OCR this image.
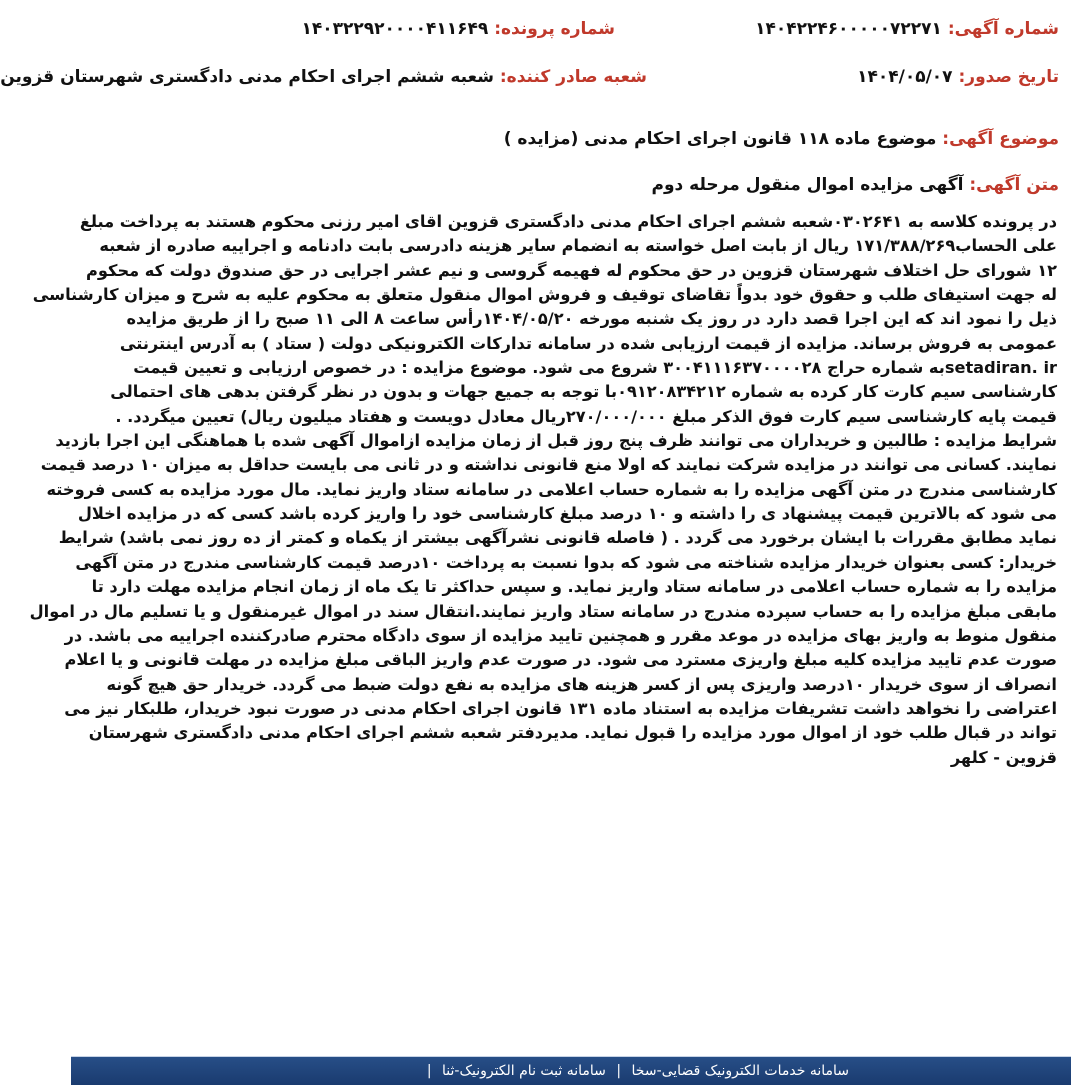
شماره آگهی: ۱۴۰۴۲۲۴۶۰۰۰۰۰۷۲۲۷۱
شماره پرونده: ۱۴۰۳۲۲۹۲۰۰۰۰۴۱۱۶۴۹
تاریخ صدور: ۱۴۰۴/۰۵/۰۷
شعبه صادر کننده: شعبه ششم اجرای احکام مدنی دادگستری شهرستان قزوین
موضوع آگهی: موضوع ماده ۱۱۸ قانون اجرای احکام مدنی (مزایده )
متن آگهی: آگهی مزایده اموال منقول مرحله دوم
در پرونده کلاسه به ۰۳۰۲۶۴۱شعبه ششم اجرای احکام مدنی دادگستری قزوین اقای امیر رزنی محکوم هستند به پرداخت مبلغ
علی الحساب۱۷۱/۳۸۸/۲۶۹ ریال از بابت اصل خواسته به انضمام سایر هزینه دادرسی بابت دادنامه و اجراییه صادره از شعبه
۱۲ شورای حل اختلاف شهرستان قزوین در حق محکوم له فهیمه گروسی و نیم عشر اجرایی در حق صندوق دولت که محکوم
له جهت استیفای طلب و حقوق خود بدواً تقاضای توقیف و فروش اموال منقول متعلق به محکوم علیه به شرح و میزان کارشناسی
ذیل را نمود اند که این اجرا قصد دارد در روز یک شنبه مورخه ۱۴۰۴/۰۵/۲۰رأس ساعت ۸ الی ۱۱ صبح را از طریق مزایده
عمومی به فروش برساند. مزایده از قیمت ارزیابی شده در سامانه تدارکات الکترونیکی دولت ( ستاد ) به آدرس اینترنتی
setadiran. irبه شماره حراج ۳۰۰۴۱۱۱۶۳۷۰۰۰۰۲۸ شروع می شود. موضوع مزایده : در خصوص ارزیابی و تعیین قیمت
کارشناسی سیم کارت کار کرده به شماره ۰۹۱۲۰۸۳۴۲۱۲با توجه به جمیع جهات و بدون در نظر گرفتن بدهی های احتمالی
قیمت پایه کارشناسی سیم کارت فوق الذکر مبلغ ۲۷۰/۰۰۰/۰۰۰ریال معادل دویست و هفتاد میلیون ریال) تعیین میگردد. .
شرایط مزایده : طالبین و خریداران می توانند ظرف پنج روز قبل از زمان مزایده ازاموال آگهی شده با هماهنگی این اجرا بازدید
نمایند. کسانی می توانند در مزایده شرکت نمایند که اولا منع قانونی نداشته و در ثانی می بایست حداقل به میزان ۱۰ درصد قیمت
کارشناسی مندرج در متن آگهی مزایده را به شماره حساب اعلامی در سامانه ستاد واریز نماید. مال مورد مزایده به کسی فروخته
می شود که بالاترین قیمت پیشنهاد ی را داشته و ۱۰ درصد مبلغ کارشناسی خود را واریز کرده باشد کسی که در مزایده اخلال
نماید مطابق مقررات با ایشان برخورد می گردد . ( فاصله قانونی نشرآگهی بیشتر از یکماه و کمتر از ده روز نمی باشد) شرایط
خریدار: کسی بعنوان خریدار مزایده شناخته می شود که بدوا نسبت به پرداخت ۱۰درصد قیمت کارشناسی مندرج در متن آگهی
مزایده را به شماره حساب اعلامی در سامانه ستاد واریز نماید. و سپس حداکثر تا یک ماه از زمان انجام مزایده مهلت دارد تا
مابقی مبلغ مزایده را به حساب سپرده مندرج در سامانه ستاد واریز نمایند.انتقال سند در اموال غیرمنقول و یا تسلیم مال در اموال
منقول منوط به واریز بهای مزایده در موعد مقرر و همچنین تایید مزایده از سوی دادگاه محترم صادرکننده اجراییه می باشد. در
صورت عدم تایید مزایده کلیه مبلغ واریزی مسترد می شود. در صورت عدم واریز الباقی مبلغ مزایده در مهلت قانونی و یا اعلام
انصراف از سوی خریدار ۱۰درصد واریزی پس از کسر هزینه های مزایده به نفع دولت ضبط می گردد. خریدار حق هیچ گونه
اعتراضی را نخواهد داشت تشریفات مزایده به استناد ماده ۱۳۱ قانون اجرای احکام مدنی در صورت نبود خریدار، طلبکار نیز می
تواند در قبال طلب خود از اموال مورد مزایده را قبول نماید. مدیردفتر شعبه ششم اجرای احکام مدنی دادگستری شهرستان
قزوین - کلهر
سامانه خدمات الکترونیک قضایی-سخا | سامانه ثبت نام الکترونیک-ثنا |
